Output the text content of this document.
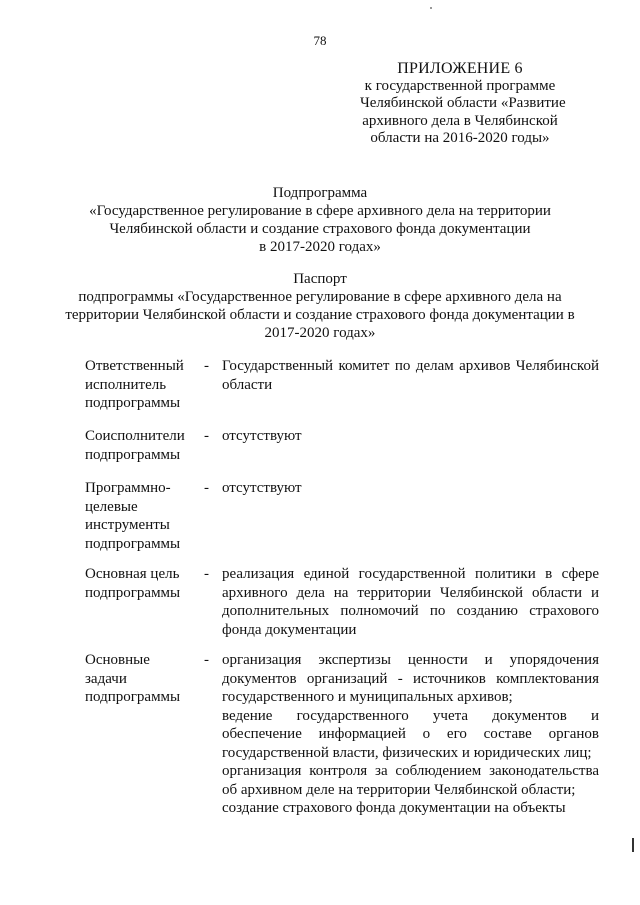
78
ПРИЛОЖЕНИЕ 6
к государственной программе
Челябинской области «Развитие
архивного дела в Челябинской
области на 2016-2020 годы»
Подпрограмма
«Государственное регулирование в сфере архивного дела на территории
Челябинской области и создание страхового фонда документации
в 2017-2020 годах»
Паспорт
подпрограммы «Государственное регулирование в сфере архивного дела на
территории Челябинской области и создание страхового фонда документации в
2017-2020 годах»
Ответственный
исполнитель
подпрограммы
- Государственный комитет по делам архивов Челябинской области
Соисполнители
подпрограммы
- отсутствуют
Программно-
целевые
инструменты
подпрограммы
- отсутствуют
Основная цель
подпрограммы
- реализация единой государственной политики в сфере архивного дела на территории Челябинской области и дополнительных полномочий по созданию страхового фонда документации
Основные
задачи
подпрограммы
- организация экспертизы ценности и упорядочения документов организаций - источников комплектования государственного и муниципальных архивов;
ведение государственного учета документов и обеспечение информацией о его составе органов государственной власти, физических и юридических лиц;
организация контроля за соблюдением законодательства об архивном деле на территории Челябинской области;
создание страхового фонда документации на объекты
